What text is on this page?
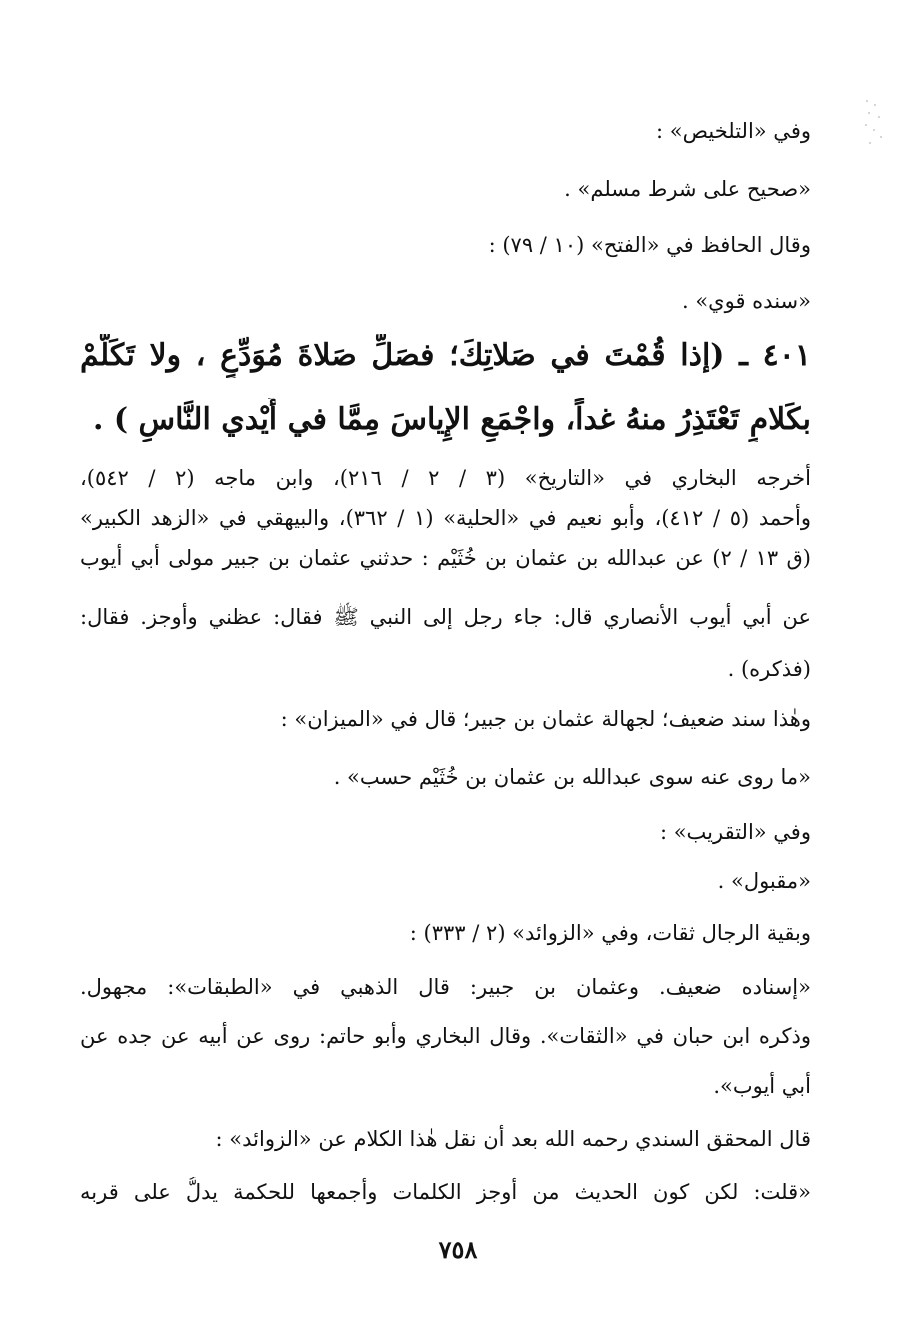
وفي «التلخيص» :
«صحيح على شرط مسلم» .
وقال الحافظ في «الفتح» (١٠ / ٧٩) :
«سنده قوي» .
٤٠١ ـ (إذا قُمْتَ في صَلاتِكَ؛ فصَلِّ صَلاةَ مُوَدِّعٍ ، ولا تَكَلَّمْ
بكَلامٍ تَعْتَذِرُ منهُ غداً، واجْمَعِ الإِياسَ مِمَّا في أَيْدي النَّاسِ ) .
أخرجه البخاري في «التاريخ» (٣ / ٢ / ٢١٦)، وابن ماجه (٢ / ٥٤٢)،
وأحمد (٥ / ٤١٢)، وأبو نعيم في «الحلية» (١ / ٣٦٢)، والبيهقي في «الزهد الكبير»
(ق ١٣ / ٢) عن عبدالله بن عثمان بن خُثَيْم : حدثني عثمان بن جبير مولى أبي أيوب
عن أبي أيوب الأنصاري قال: جاء رجل إلى النبي ﷺ فقال: عظني وأوجز. فقال:
(فذكره) .
وهٰذا سند ضعيف؛ لجهالة عثمان بن جبير؛ قال في «الميزان» :
«ما روى عنه سوى عبدالله بن عثمان بن خُثَيْم حسب» .
وفي «التقريب» :
«مقبول» .
وبقية الرجال ثقات، وفي «الزوائد» (٢ / ٣٣٣) :
«إسناده ضعيف. وعثمان بن جبير: قال الذهبي في «الطبقات»: مجهول.
وذكره ابن حبان في «الثقات». وقال البخاري وأبو حاتم: روى عن أبيه عن جده عن
أبي أيوب».
قال المحقق السندي رحمه الله بعد أن نقل هٰذا الكلام عن «الزوائد» :
«قلت: لكن كون الحديث من أوجز الكلمات وأجمعها للحكمة يدلُّ على قربه
٧٥٨
